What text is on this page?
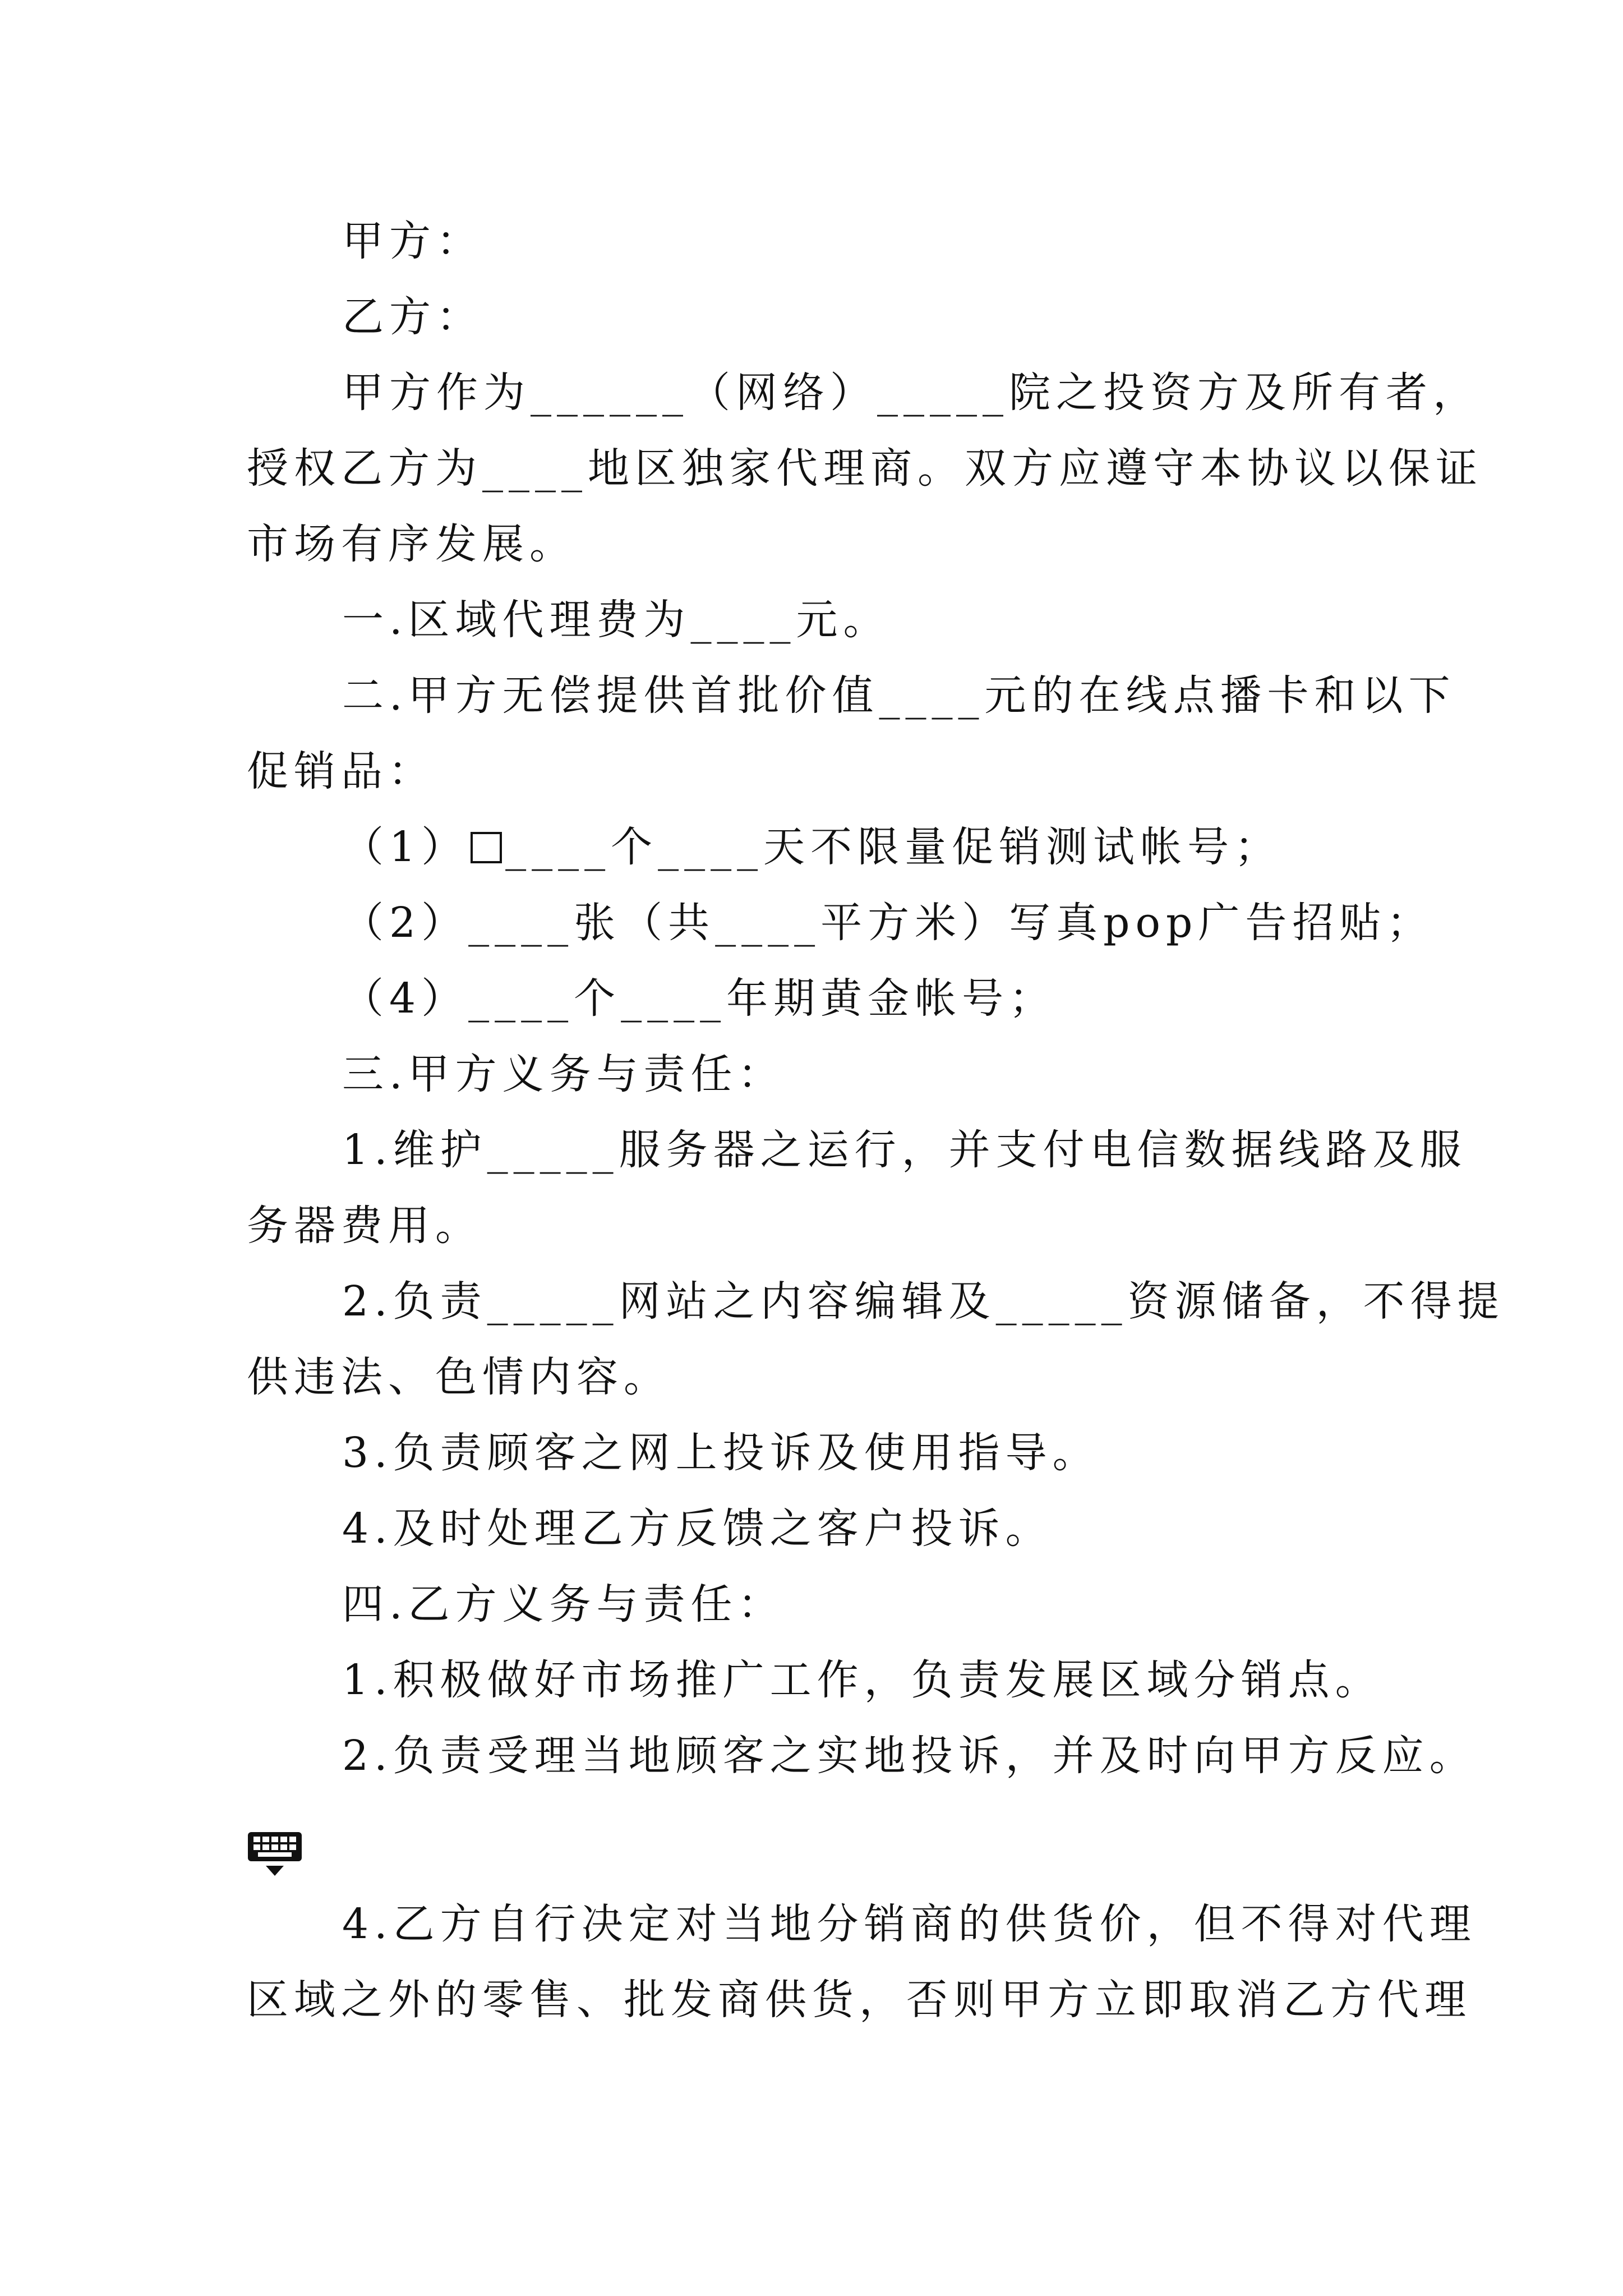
甲方：
乙方：
甲方作为______（网络）_____院之投资方及所有者，
授权乙方为____地区独家代理商。双方应遵守本协议以保证
市场有序发展。
一.区域代理费为____元。
二.甲方无偿提供首批价值____元的在线点播卡和以下
促销品：
（1） ____个____天不限量促销测试帐号；
（2）____张（共____平方米）写真pop广告招贴；
（4）____个____年期黄金帐号；
三.甲方义务与责任：
1.维护_____服务器之运行，并支付电信数据线路及服
务器费用。
2.负责_____网站之内容编辑及_____资源储备，不得提
供违法、色情内容。
3.负责顾客之网上投诉及使用指导。
4.及时处理乙方反馈之客户投诉。
四.乙方义务与责任：
1.积极做好市场推广工作，负责发展区域分销点。
2.负责受理当地顾客之实地投诉，并及时向甲方反应。
4.乙方自行决定对当地分销商的供货价，但不得对代理
区域之外的零售、批发商供货，否则甲方立即取消乙方代理
